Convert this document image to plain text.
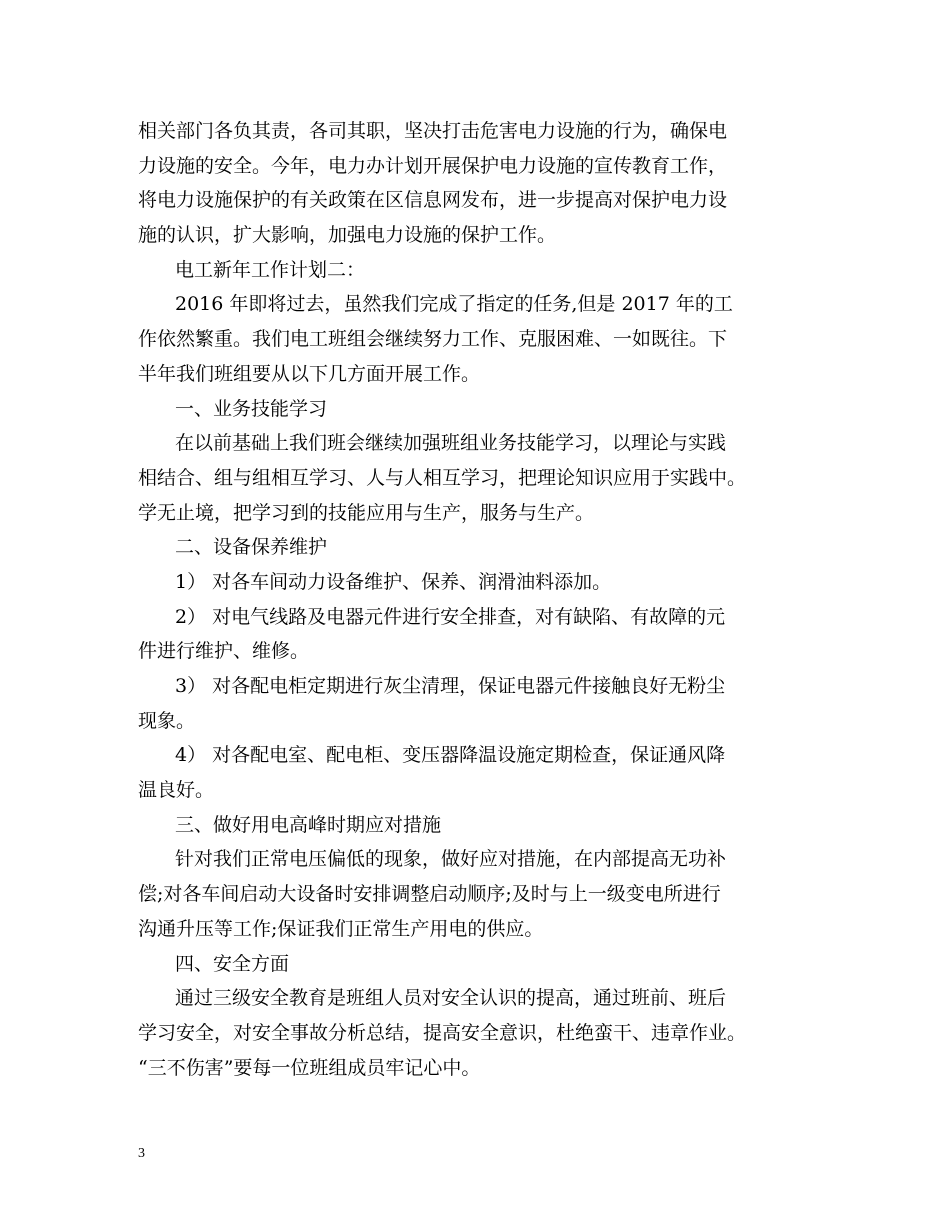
相关部门各负其责，各司其职，坚决打击危害电力设施的行为，确保电
力设施的安全。今年，电力办计划开展保护电力设施的宣传教育工作，
将电力设施保护的有关政策在区信息网发布，进一步提高对保护电力设
施的认识，扩大影响，加强电力设施的保护工作。
电工新年工作计划二：
2016 年即将过去，虽然我们完成了指定的任务,但是 2017 年的工
作依然繁重。我们电工班组会继续努力工作、克服困难、一如既往。下
半年我们班组要从以下几方面开展工作。
一、业务技能学习
在以前基础上我们班会继续加强班组业务技能学习，以理论与实践
相结合、组与组相互学习、人与人相互学习，把理论知识应用于实践中。
学无止境，把学习到的技能应用与生产，服务与生产。
二、设备保养维护
1） 对各车间动力设备维护、保养、润滑油料添加。
2） 对电气线路及电器元件进行安全排查，对有缺陷、有故障的元
件进行维护、维修。
3） 对各配电柜定期进行灰尘清理，保证电器元件接触良好无粉尘
现象。
4） 对各配电室、配电柜、变压器降温设施定期检查，保证通风降
温良好。
三、做好用电高峰时期应对措施
针对我们正常电压偏低的现象，做好应对措施，在内部提高无功补
偿;对各车间启动大设备时安排调整启动顺序;及时与上一级变电所进行
沟通升压等工作;保证我们正常生产用电的供应。
四、安全方面
通过三级安全教育是班组人员对安全认识的提高，通过班前、班后
学习安全，对安全事故分析总结，提高安全意识，杜绝蛮干、违章作业。
“三不伤害”要每一位班组成员牢记心中。
3
